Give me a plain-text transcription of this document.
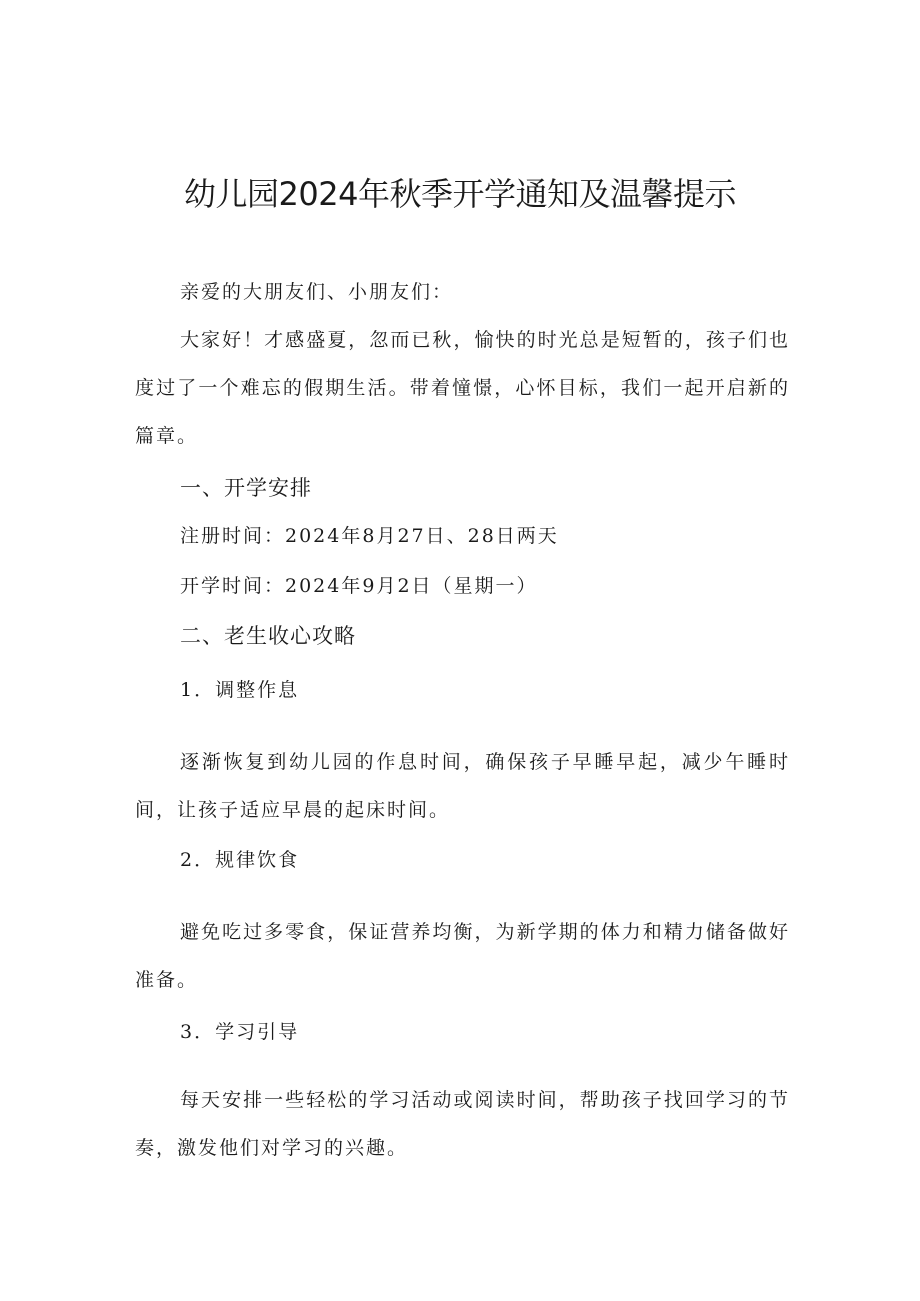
幼儿园2024年秋季开学通知及温馨提示

亲爱的大朋友们、小朋友们：

大家好！才感盛夏，忽而已秋，愉快的时光总是短暂的，孩子们也度过了一个难忘的假期生活。带着憧憬，心怀目标，我们一起开启新的篇章。

一、开学安排

注册时间：2024年8月27日、28日两天

开学时间：2024年9月2日（星期一）

二、老生收心攻略

1．调整作息

逐渐恢复到幼儿园的作息时间，确保孩子早睡早起，减少午睡时间，让孩子适应早晨的起床时间。

2．规律饮食

避免吃过多零食，保证营养均衡，为新学期的体力和精力储备做好准备。

3．学习引导

每天安排一些轻松的学习活动或阅读时间，帮助孩子找回学习的节奏，激发他们对学习的兴趣。
